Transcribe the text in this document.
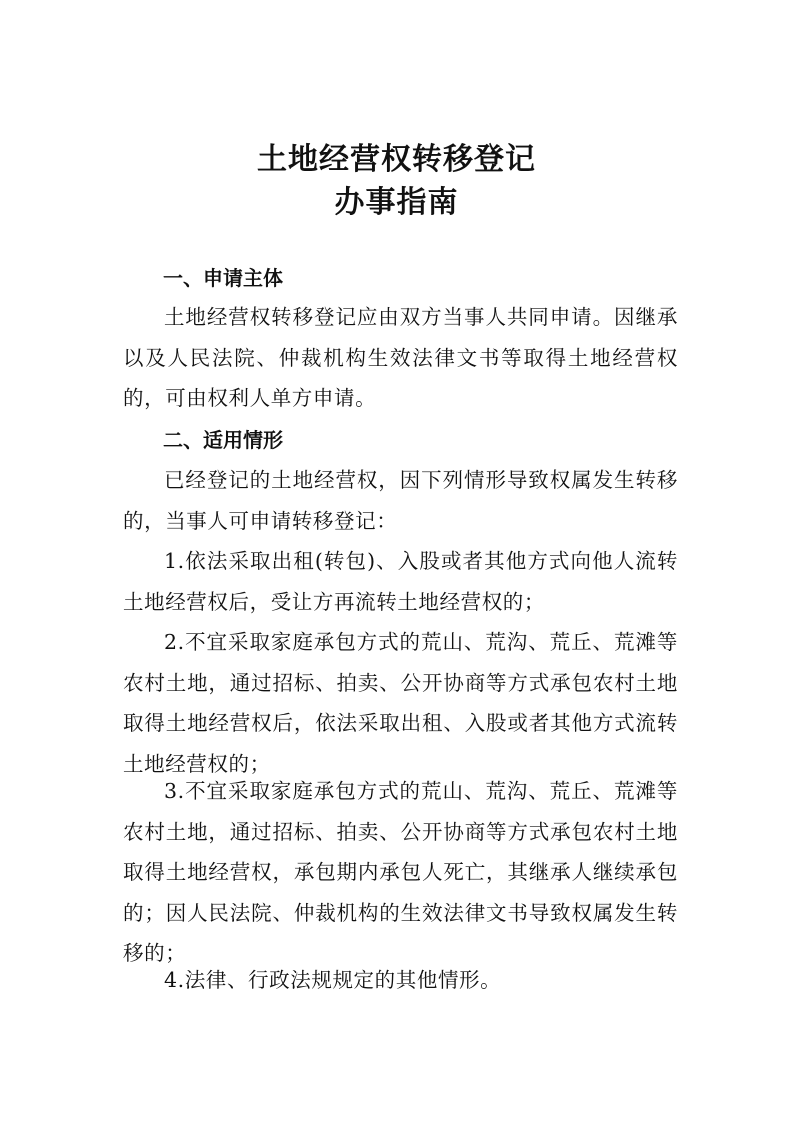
土地经营权转移登记
办事指南
一、申请主体

土地经营权转移登记应由双方当事人共同申请。因继承以及人民法院、仲裁机构生效法律文书等取得土地经营权的，可由权利人单方申请。

二、适用情形

已经登记的土地经营权，因下列情形导致权属发生转移的，当事人可申请转移登记：

1.依法采取出租(转包)、入股或者其他方式向他人流转土地经营权后，受让方再流转土地经营权的；

2.不宜采取家庭承包方式的荒山、荒沟、荒丘、荒滩等农村土地，通过招标、拍卖、公开协商等方式承包农村土地取得土地经营权后，依法采取出租、入股或者其他方式流转土地经营权的；

3.不宜采取家庭承包方式的荒山、荒沟、荒丘、荒滩等农村土地，通过招标、拍卖、公开协商等方式承包农村土地取得土地经营权，承包期内承包人死亡，其继承人继续承包的；因人民法院、仲裁机构的生效法律文书导致权属发生转移的；

4.法律、行政法规规定的其他情形。
